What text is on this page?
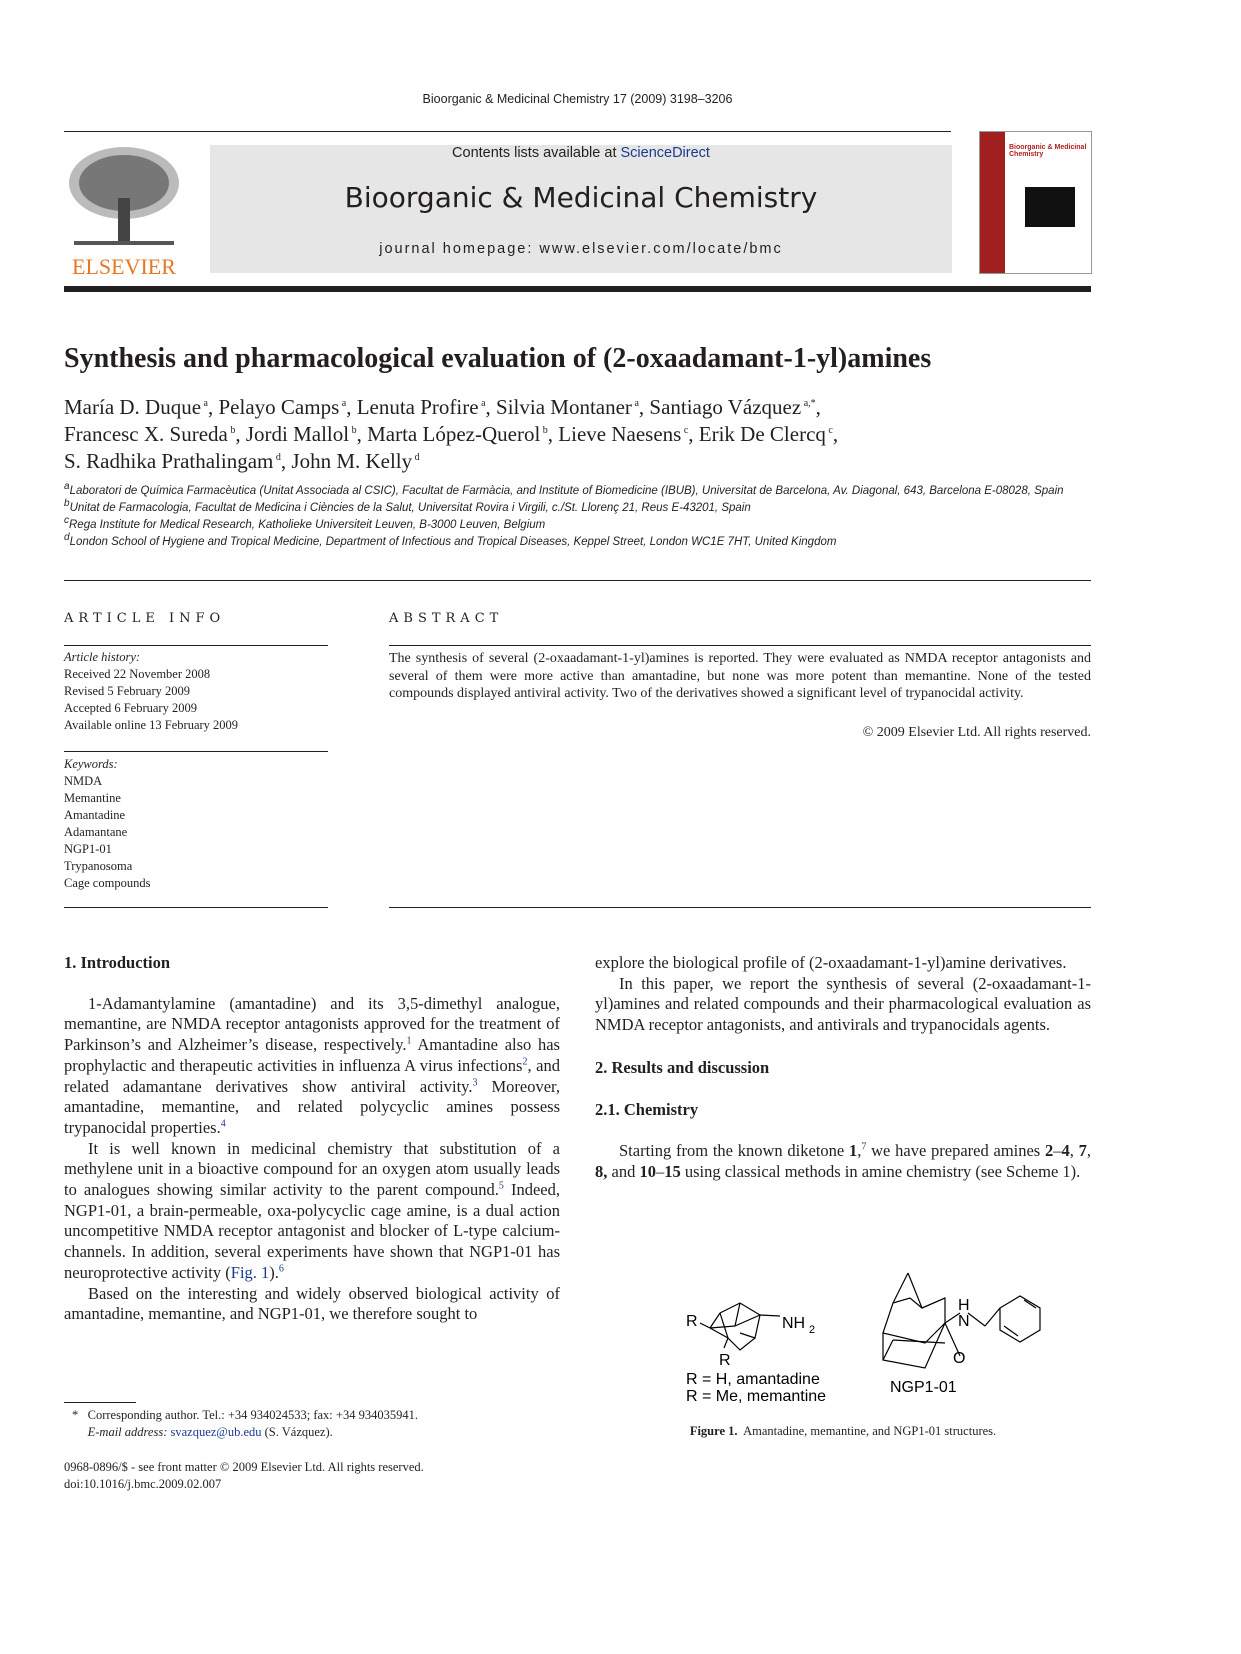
Bioorganic & Medicinal Chemistry 17 (2009) 3198–3206
ELSEVIER
Contents lists available at ScienceDirect
Bioorganic & Medicinal Chemistry
journal homepage: www.elsevier.com/locate/bmc
Bioorganic & Medicinal Chemistry
Synthesis and pharmacological evaluation of (2-oxaadamant-1-yl)amines
María D. Duque $^a$, Pelayo Camps $^a$, Lenuta Profire $^a$, Silvia Montaner $^a$, Santiago Vázquez $^{a,*}$,
Francesc X. Sureda $^b$, Jordi Mallol $^b$, Marta López-Querol $^b$, Lieve Naesens $^c$, Erik De Clercq $^c$,
S. Radhika Prathalingam $^d$, John M. Kelly $^d$
$^a$Laboratori de Química Farmacèutica (Unitat Associada al CSIC), Facultat de Farmàcia, and Institute of Biomedicine (IBUB), Universitat de Barcelona, Av. Diagonal, 643, Barcelona E-08028, Spain
$^b$Unitat de Farmacologia, Facultat de Medicina i Ciències de la Salut, Universitat Rovira i Virgili, c./St. Llorenç 21, Reus E-43201, Spain
$^c$Rega Institute for Medical Research, Katholieke Universiteit Leuven, B-3000 Leuven, Belgium
$^d$London School of Hygiene and Tropical Medicine, Department of Infectious and Tropical Diseases, Keppel Street, London WC1E 7HT, United Kingdom
ARTICLE INFO
Article history:
Received 22 November 2008
Revised 5 February 2009
Accepted 6 February 2009
Available online 13 February 2009
Keywords:
NMDA
Memantine
Amantadine
Adamantane
NGP1-01
Trypanosoma
Cage compounds
ABSTRACT
The synthesis of several (2-oxaadamant-1-yl)amines is reported. They were evaluated as NMDA receptor antagonists and several of them were more active than amantadine, but none was more potent than memantine. None of the tested compounds displayed antiviral activity. Two of the derivatives showed a significant level of trypanocidal activity.
© 2009 Elsevier Ltd. All rights reserved.
1. Introduction

1-Adamantylamine (amantadine) and its 3,5-dimethyl analogue, memantine, are NMDA receptor antagonists approved for the treatment of Parkinson’s and Alzheimer’s disease, respectively.$^1$ Amantadine also has prophylactic and therapeutic activities in influenza A virus infections$^2$, and related adamantane derivatives show antiviral activity.$^3$ Moreover, amantadine, memantine, and related polycyclic amines possess trypanocidal properties.$^4$

It is well known in medicinal chemistry that substitution of a methylene unit in a bioactive compound for an oxygen atom usually leads to analogues showing similar activity to the parent compound.$^5$ Indeed, NGP1-01, a brain-permeable, oxa-polycyclic cage amine, is a dual action uncompetitive NMDA receptor antagonist and blocker of L-type calcium-channels. In addition, several experiments have shown that NGP1-01 has neuroprotective activity (Fig. 1).$^6$

Based on the interesting and widely observed biological activity of amantadine, memantine, and NGP1-01, we therefore sought to

explore the biological profile of (2-oxaadamant-1-yl)amine derivatives.

In this paper, we report the synthesis of several (2-oxaadamant-1-yl)amines and related compounds and their pharmacological evaluation as NMDA receptor antagonists, and antivirals and trypanocidals agents.

2. Results and discussion
2.1. Chemistry

Starting from the known diketone 1,$^7$ we have prepared amines 2–4, 7, 8, and 10–15 using classical methods in amine chemistry (see Scheme 1).

R
R
NH 2
H
N
O
R = H, amantadine
R = Me, memantine
NGP1-01
Figure 1. Amantadine, memantine, and NGP1-01 structures.
* Corresponding author. Tel.: +34 934024533; fax: +34 934035941.
E-mail address: svazquez@ub.edu (S. Vázquez).
0968-0896/$ - see front matter © 2009 Elsevier Ltd. All rights reserved.
doi:10.1016/j.bmc.2009.02.007
